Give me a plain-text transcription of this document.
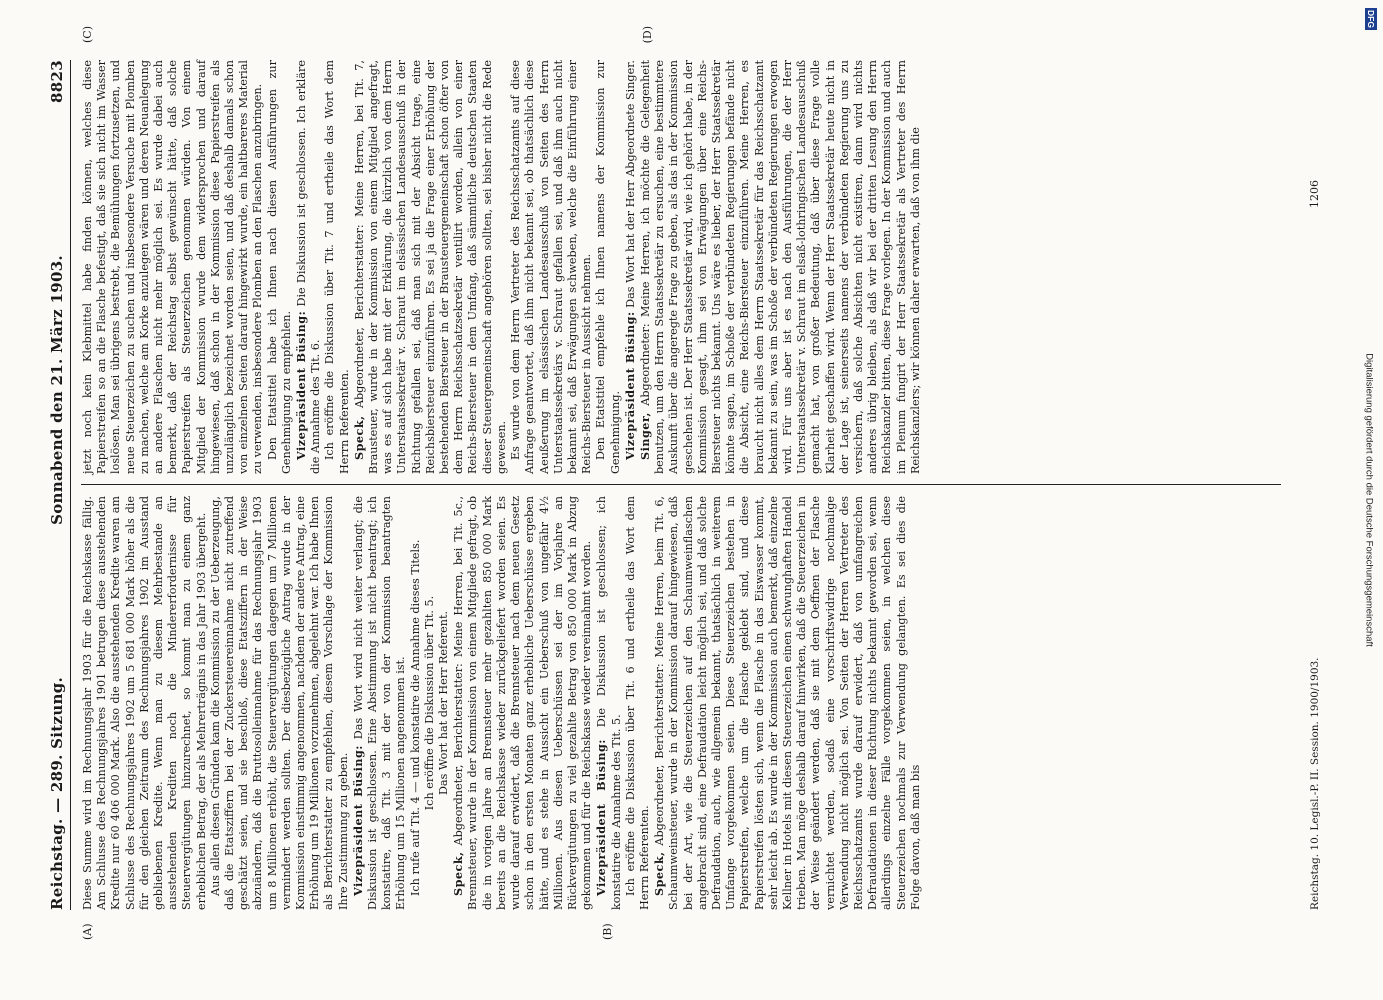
Reichstag. — 289. Sitzung.
Sonnabend den 21. März 1903.
8823
(A)	(B)

Diese Summe wird im Rechnungsjahr 1903 für die Reichskasse fällig. Am Schlusse des Rechnungsjahres 1901 betrugen diese ausstehenden Kredite nur 60 406 000 Mark. Also die ausstehenden Kredite waren am Schlusse des Rechnungsjahres 1902 um 5 681 000 Mark höher als die für den gleichen Zeitraum des Rechnungsjahres 1902 im Ausstand gebliebenen Kredite. Wenn man zu diesem Mehrbestande an ausstehenden Krediten noch die Mindererfordernisse für Steuervergütungen hinzurechnet, so kommt man zu einem ganz erheblichen Betrag, der als Mehrerträgnis in das Jahr 1903 übergeht. Aus allen diesen Gründen kam die Kommission zu der Ueberzeugung, daß die Etatsziffern bei der Zuckersteuereinnahme nicht zutreffend geschätzt seien, und sie beschloß, diese Etatsziffern in der Weise abzuändern, daß die Bruttosolleinnahme für das Rechnungsjahr 1903 um 8 Millionen erhöht, die Steuervergütungen dagegen um 7 Millionen vermindert werden sollten. Der diesbezügliche Antrag wurde in der Kommission einstimmig angenommen, nachdem der andere Antrag, eine Erhöhung um 19 Millionen vorzunehmen, abgelehnt war. Ich habe Ihnen als Berichterstatter zu empfehlen, diesem Vorschlage der Kommission Ihre Zustimmung zu geben. Vizepräsident Büsing: Das Wort wird nicht weiter verlangt; die Diskussion ist geschlossen. Eine Abstimmung ist nicht beantragt; ich konstatire, daß Tit. 3 mit der von der Kommission beantragten Erhöhung um 15 Millionen angenommen ist. Ich rufe auf Tit. 4 — und konstatire die Annahme dieses Titels. Ich eröffne die Diskussion über Tit. 5. Das Wort hat der Herr Referent.

Speck, Abgeordneter, Berichterstatter: Meine Herren, bei Tit. 5c., Brennsteuer, wurde in der Kommission von einem Mitgliede gefragt, ob die in vorigen Jahre an Brennsteuer mehr gezahlten 850 000 Mark bereits an die Reichskasse wieder zurückgeliefert worden seien. Es wurde darauf erwidert, daß die Brennsteuer nach dem neuen Gesetz schon in den ersten Monaten ganz erhebliche Ueberschüsse ergeben hätte, und es stehe in Aussicht ein Ueberschuß von ungefähr 4½ Millionen. Aus diesen Ueberschüssen sei der im Vorjahre an Rückvergütungen zu viel gezahlte Betrag von 850 000 Mark in Abzug gekommen und für die Reichskasse wieder vereinnahmt worden. Vizepräsident Büsing: Die Diskussion ist geschlossen; ich konstatire die Annahme des Tit. 5. Ich eröffne die Diskussion über Tit. 6 und ertheile das Wort dem Herrn Referenten. Speck, Abgeordneter, Berichterstatter: Meine Herren, beim Tit. 6, Schaumweinsteuer, wurde in der Kommission darauf hingewiesen, daß bei der Art, wie die Steuerzeichen auf den Schaumweinflaschen angebracht sind, eine Defraudation leicht möglich sei, und daß solche Defraudation, auch, wie allgemein bekannt, thatsächlich in weiterem Umfange vorgekommen seien. Diese Steuerzeichen bestehen in Papierstreifen, welche um die Flasche geklebt sind, und diese Papierstreifen lösten sich, wenn die Flasche in das Eiswasser kommt, sehr leicht ab. Es wurde in der Kommission auch bemerkt, daß einzelne Kellner in Hotels mit diesen Steuerzeichen einen schwunghaften Handel trieben. Man möge deshalb darauf hinwirken, daß die Steuerzeichen in der Weise geändert werden, daß sie mit dem Oeffnen der Flasche vernichtet werden, sodaß eine vorschriftswidrige nochmalige Verwendung nicht möglich sei. Von Seiten der Herren Vertreter des Reichsschatzamts wurde darauf erwidert, daß von umfangreichen Defraudationen in dieser Richtung nichts bekannt geworden sei, wenn allerdings einzelne Fälle vorgekommen seien, in welchen diese Steuerzeichen nochmals zur Verwendung gelangten. Es sei dies die Folge davon, daß man bis

(C)	(D)

jetzt noch kein Klebmittel habe finden können, welches diese Papierstreifen so an die Flasche befestigt, daß sie sich nicht im Wasser loslösen. Man sei übrigens bestrebt, die Bemühungen fortzusetzen, und neue Steuerzeichen zu suchen und insbesondere Versuche mit Plomben zu machen, welche am Korke anzulegen wären und deren Neuanlegung an andere Flaschen nicht mehr möglich sei. Es wurde dabei auch bemerkt, daß der Reichstag selbst gewünscht hätte, daß solche Papierstreifen als Steuerzeichen genommen würden. Von einem Mitglied der Kommission wurde dem widersprochen und darauf hingewiesen, daß schon in der Kommission diese Papierstreifen als unzulänglich bezeichnet worden seien, und daß deshalb damals schon von einzelnen Seiten darauf hingewirkt wurde, ein haltbareres Material zu verwenden, insbesondere Plomben an den Flaschen anzubringen. Den Etatstitel habe ich Ihnen nach diesen Ausführungen zur Genehmigung zu empfehlen. Vizepräsident Büsing: Die Diskussion ist geschlossen. Ich erkläre die Annahme des Tit. 6. Ich eröffne die Diskussion über Tit. 7 und ertheile das Wort dem Herrn Referenten. Speck, Abgeordneter, Berichterstatter: Meine Herren, bei Tit. 7, Brausteuer, wurde in der Kommission von einem Mitglied angefragt, was es auf sich habe mit der Erklärung, die kürzlich von dem Herrn Unterstaatssekretär v. Schraut im elsässischen Landesausschuß in der Richtung gefallen sei, daß man sich mit der Absicht trage, eine Reichsbiersteuer einzuführen. Es sei ja die Frage einer Erhöhung der bestehenden Biersteuer in der Brausteuergemeinschaft schon öfter von dem Herrn Reichsschatzsekretär ventilirt worden, allein von einer Reichs-Biersteuer in dem Umfang, daß sämmtliche deutschen Staaten dieser Steuergemeinschaft angehören sollten, sei bisher nicht die Rede gewesen. Es wurde von dem Herrn Vertreter des Reichsschatzamts auf diese Anfrage geantwortet, daß ihm nicht bekannt sei, ob thatsächlich diese Aeußerung im elsässischen Landesausschuß von Seiten des Herrn Unterstaatssekretärs v. Schraut gefallen sei, und daß ihm auch nicht bekannt sei, daß Erwägungen schweben, welche die Einführung einer Reichs-Biersteuer in Aussicht nehmen. Den Etatstitel empfehle ich Ihnen namens der Kommission zur Genehmigung. Vizepräsident Büsing: Das Wort hat der Herr Abgeordnete Singer.

Singer, Abgeordneter: Meine Herren, ich möchte die Gelegenheit benutzen, um den Herrn Staatssekretär zu ersuchen, eine bestimmtere Auskunft über die angeregte Frage zu geben, als das in der Kommission geschehen ist. Der Herr Staatssekretär wird, wie ich gehört habe, in der Kommission gesagt, ihm sei von Erwägungen über eine Reichs-Biersteuer nichts bekannt. Uns wäre es lieber, der Herr Staatssekretär könnte sagen, im Schoße der verbündeten Regierungen befände nicht die Absicht, eine Reichs-Biersteuer einzuführen. Meine Herren, es braucht nicht alles dem Herrn Staatssekretär für das Reichsschatzamt bekannt zu sein, was im Schoße der verbündeten Regierungen erwogen wird. Für uns aber ist es nach den Ausführungen, die der Herr Unterstaatssekretär v. Schraut im elsaß-lothringischen Landesausschuß gemacht hat, von großer Bedeutung, daß über diese Frage volle Klarheit geschaffen wird. Wenn der Herr Staatssekretär heute nicht in der Lage ist, seinerseits namens der verbündeten Regierung uns zu versichern, daß solche Absichten nicht existiren, dann wird nichts anderes übrig bleiben, als daß wir bei der dritten Lesung den Herrn Reichskanzler bitten, diese Frage vorlegen. In der Kommission und auch im Plenum fungirt der Herr Staatssekretär als Vertreter des Herrn Reichskanzlers; wir können daher erwarten, daß von ihm die

Reichstag. 10. Legisl.-P. II. Session. 1900/1903.
1206
DFG
Digitalisierung gefördert durch die Deutsche Forschungsgemeinschaft
